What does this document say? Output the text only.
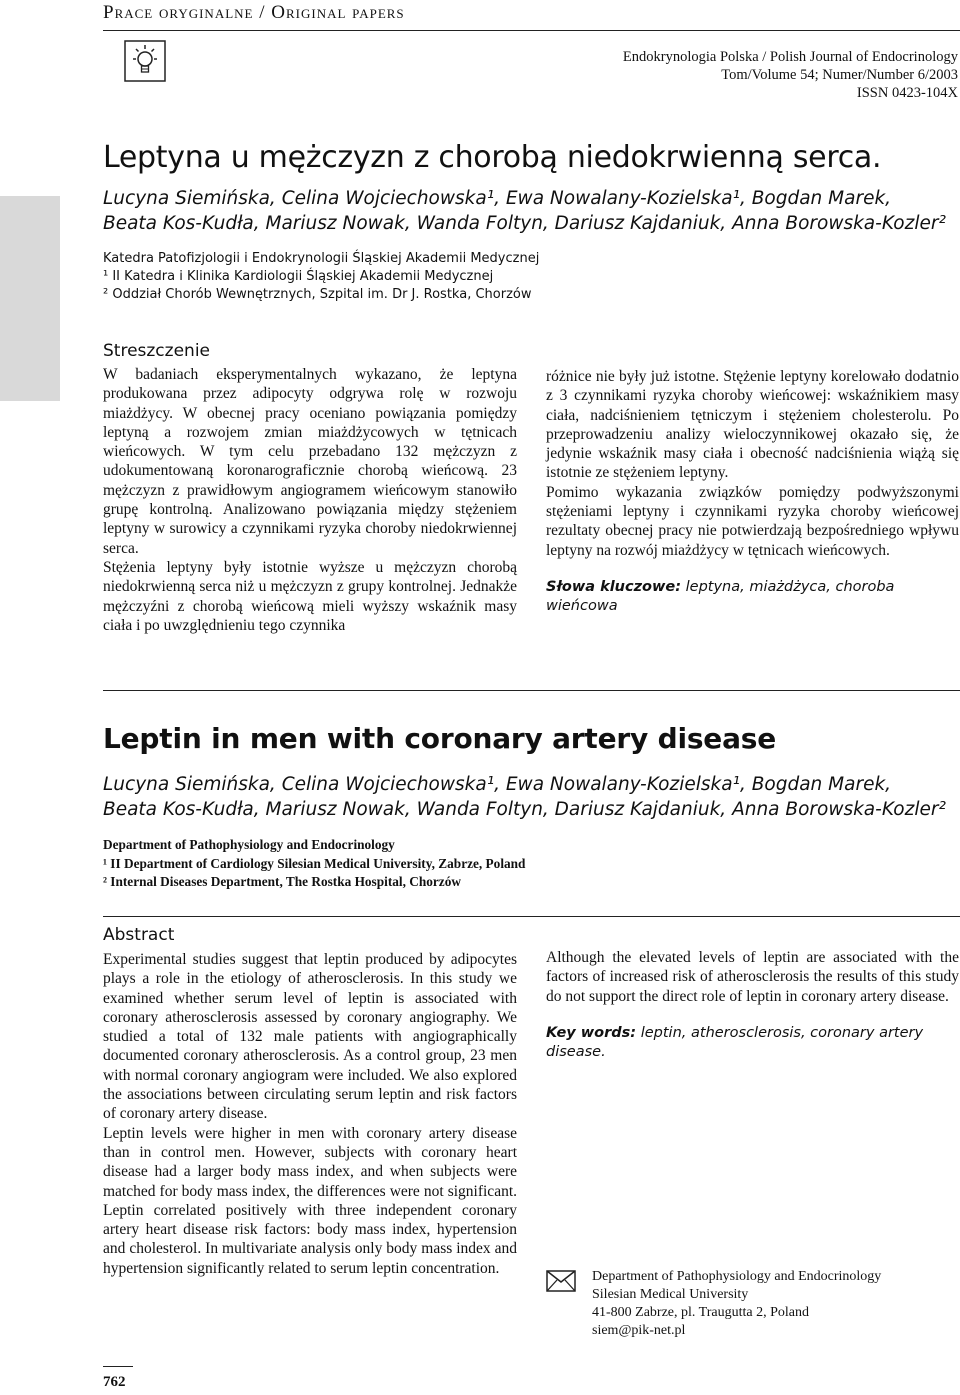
Prace oryginalne / Original papers
Endokrynologia Polska / Polish Journal of Endocrinology
Tom/Volume 54; Numer/Number 6/2003
ISSN 0423-104X
Leptyna u mężczyzn z chorobą niedokrwienną serca.
Lucyna Siemińska, Celina Wojciechowska¹, Ewa Nowalany-Kozielska¹, Bogdan Marek,
Beata Kos-Kudła, Mariusz Nowak, Wanda Foltyn, Dariusz Kajdaniuk, Anna Borowska-Kozler²
Katedra Patofizjologii i Endokrynologii Śląskiej Akademii Medycznej
¹ II Katedra i Klinika Kardiologii Śląskiej Akademii Medycznej
² Oddział Chorób Wewnętrznych, Szpital im. Dr J. Rostka, Chorzów
Streszczenie

W badaniach eksperymentalnych wykazano, że leptyna produkowana przez adipocyty odgrywa rolę w rozwoju miażdżycy. W obecnej pracy oceniano powiązania pomiędzy leptyną a rozwojem zmian miażdżycowych w tętnicach wieńcowych. W tym celu przebadano 132 mężczyzn z udokumentowaną koronarograficznie chorobą wieńcową. 23 mężczyzn z prawidłowym angiogramem wieńcowym stanowiło grupę kontrolną. Analizowano powiązania między stężeniem leptyny w surowicy a czynnikami ryzyka choroby niedokrwiennej serca.

Stężenia leptyny były istotnie wyższe u mężczyzn chorobą niedokrwienną serca niż u mężczyzn z grupy kontrolnej. Jednakże mężczyźni z chorobą wieńcową mieli wyższy wskaźnik masy ciała i po uwzględnieniu tego czynnika

różnice nie były już istotne. Stężenie leptyny korelowało dodatnio z 3 czynnikami ryzyka choroby wieńcowej: wskaźnikiem masy ciała, nadciśnieniem tętniczym i stężeniem cholesterolu. Po przeprowadzeniu analizy wieloczynnikowej okazało się, że jedynie wskaźnik masy ciała i obecność nadciśnienia wiążą się istotnie ze stężeniem leptyny.

Pomimo wykazania związków pomiędzy podwyższonymi stężeniami leptyny i czynnikami ryzyka choroby wieńcowej rezultaty obecnej pracy nie potwierdzają bezpośredniego wpływu leptyny na rozwój miażdżycy w tętnicach wieńcowych.

Słowa kluczowe: leptyna, miażdżyca, choroba wieńcowa

Leptin in men with coronary artery disease
Lucyna Siemińska, Celina Wojciechowska¹, Ewa Nowalany-Kozielska¹, Bogdan Marek,
Beata Kos-Kudła, Mariusz Nowak, Wanda Foltyn, Dariusz Kajdaniuk, Anna Borowska-Kozler²
Department of Pathophysiology and Endocrinology
¹ II Department of Cardiology Silesian Medical University, Zabrze, Poland
² Internal Diseases Department, The Rostka Hospital, Chorzów
Abstract

Experimental studies suggest that leptin produced by adipocytes plays a role in the etiology of atherosclerosis. In this study we examined whether serum level of leptin is associated with coronary atherosclerosis assessed by coronary angiography. We studied a total of 132 male patients with angiographically documented coronary atherosclerosis. As a control group, 23 men with normal coronary angiogram were included. We also explored the associations between circulating serum leptin and risk factors of coronary artery disease.

Leptin levels were higher in men with coronary artery disease than in control men. However, subjects with coronary heart disease had a larger body mass index, and when subjects were matched for body mass index, the differences were not significant. Leptin correlated positively with three independent coronary artery heart disease risk factors: body mass index, hypertension and cholesterol. In multivariate analysis only body mass index and hypertension significantly related to serum leptin concentration.

Although the elevated levels of leptin are associated with the factors of increased risk of atherosclerosis the results of this study do not support the direct role of leptin in coronary artery disease.

Key words: leptin, atherosclerosis, coronary artery disease.

Department of Pathophysiology and Endocrinology
Silesian Medical University
41-800 Zabrze, pl. Traugutta 2, Poland
siem@pik-net.pl
762
